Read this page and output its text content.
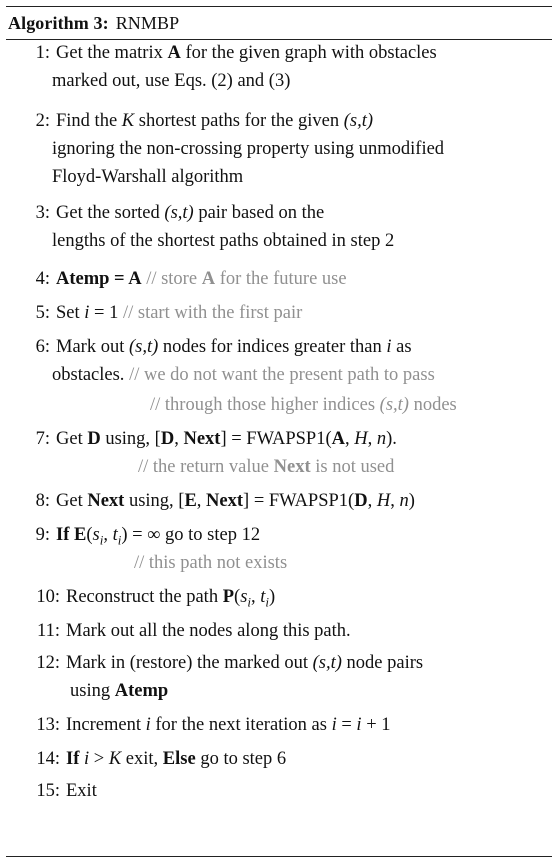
Algorithm 3: RNMBP
1: Get the matrix A for the given graph with obstacles
marked out, use Eqs. (2) and (3)
2: Find the K shortest paths for the given (s,t)
ignoring the non-crossing property using unmodified
Floyd-Warshall algorithm
3: Get the sorted (s,t) pair based on the
lengths of the shortest paths obtained in step 2
4: Atemp = A // store A for the future use
5: Set i = 1 // start with the first pair
6: Mark out (s,t) nodes for indices greater than i as
obstacles. // we do not want the present path to pass
// through those higher indices (s,t) nodes
7: Get D using, [D, Next] = FWAPSP1(A, H, n).
// the return value Next is not used
8: Get Next using, [E, Next] = FWAPSP1(D, H, n)
9: If $E(s_i$, $t_i$) = ∞ go to step 12
// this path not exists
10: Reconstruct the path $P(s_i$, $t_i$)
11: Mark out all the nodes along this path.
12: Mark in (restore) the marked out (s,t) node pairs
using Atemp
13: Increment i for the next iteration as i = i + 1
14: If i > K exit, Else go to step 6
15: Exit
